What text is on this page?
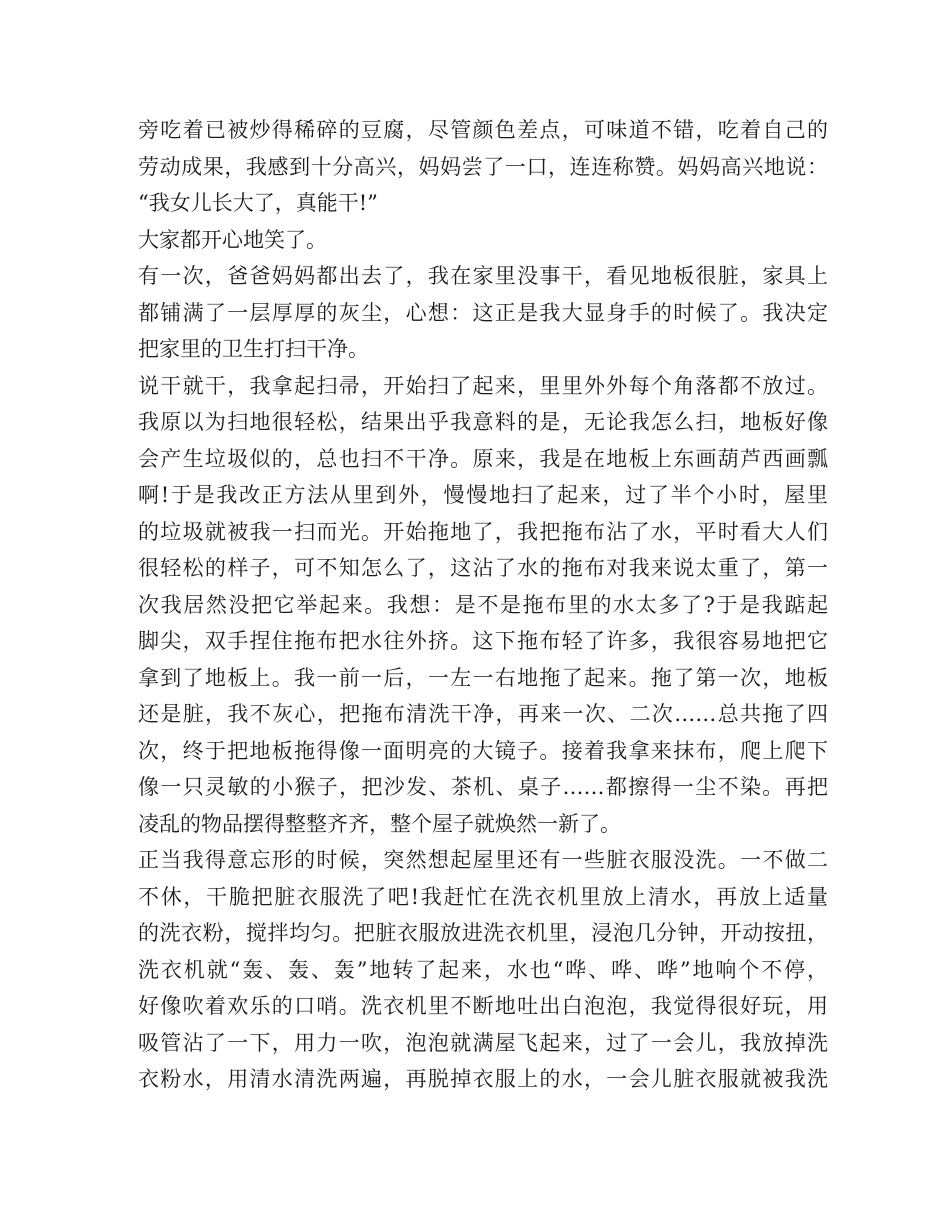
旁吃着已被炒得稀碎的豆腐，尽管颜色差点，可味道不错，吃着自己的
劳动成果，我感到十分高兴，妈妈尝了一口，连连称赞。妈妈高兴地说：
“我女儿长大了，真能干!”
大家都开心地笑了。
有一次，爸爸妈妈都出去了，我在家里没事干，看见地板很脏，家具上
都铺满了一层厚厚的灰尘，心想：这正是我大显身手的时候了。我决定
把家里的卫生打扫干净。
说干就干，我拿起扫帚，开始扫了起来，里里外外每个角落都不放过。
我原以为扫地很轻松，结果出乎我意料的是，无论我怎么扫，地板好像
会产生垃圾似的，总也扫不干净。原来，我是在地板上东画葫芦西画瓢
啊!于是我改正方法从里到外，慢慢地扫了起来，过了半个小时，屋里
的垃圾就被我一扫而光。开始拖地了，我把拖布沾了水，平时看大人们
很轻松的样子，可不知怎么了，这沾了水的拖布对我来说太重了，第一
次我居然没把它举起来。我想：是不是拖布里的水太多了?于是我踮起
脚尖，双手捏住拖布把水往外挤。这下拖布轻了许多，我很容易地把它
拿到了地板上。我一前一后，一左一右地拖了起来。拖了第一次，地板
还是脏，我不灰心，把拖布清洗干净，再来一次、二次……总共拖了四
次，终于把地板拖得像一面明亮的大镜子。接着我拿来抹布，爬上爬下
像一只灵敏的小猴子，把沙发、茶机、桌子……都擦得一尘不染。再把
凌乱的物品摆得整整齐齐，整个屋子就焕然一新了。
正当我得意忘形的时候，突然想起屋里还有一些脏衣服没洗。一不做二
不休，干脆把脏衣服洗了吧!我赶忙在洗衣机里放上清水，再放上适量
的洗衣粉，搅拌均匀。把脏衣服放进洗衣机里，浸泡几分钟，开动按扭，
洗衣机就“轰、轰、轰”地转了起来，水也“哗、哗、哗”地响个不停，
好像吹着欢乐的口哨。洗衣机里不断地吐出白泡泡，我觉得很好玩，用
吸管沾了一下，用力一吹，泡泡就满屋飞起来，过了一会儿，我放掉洗
衣粉水，用清水清洗两遍，再脱掉衣服上的水，一会儿脏衣服就被我洗
